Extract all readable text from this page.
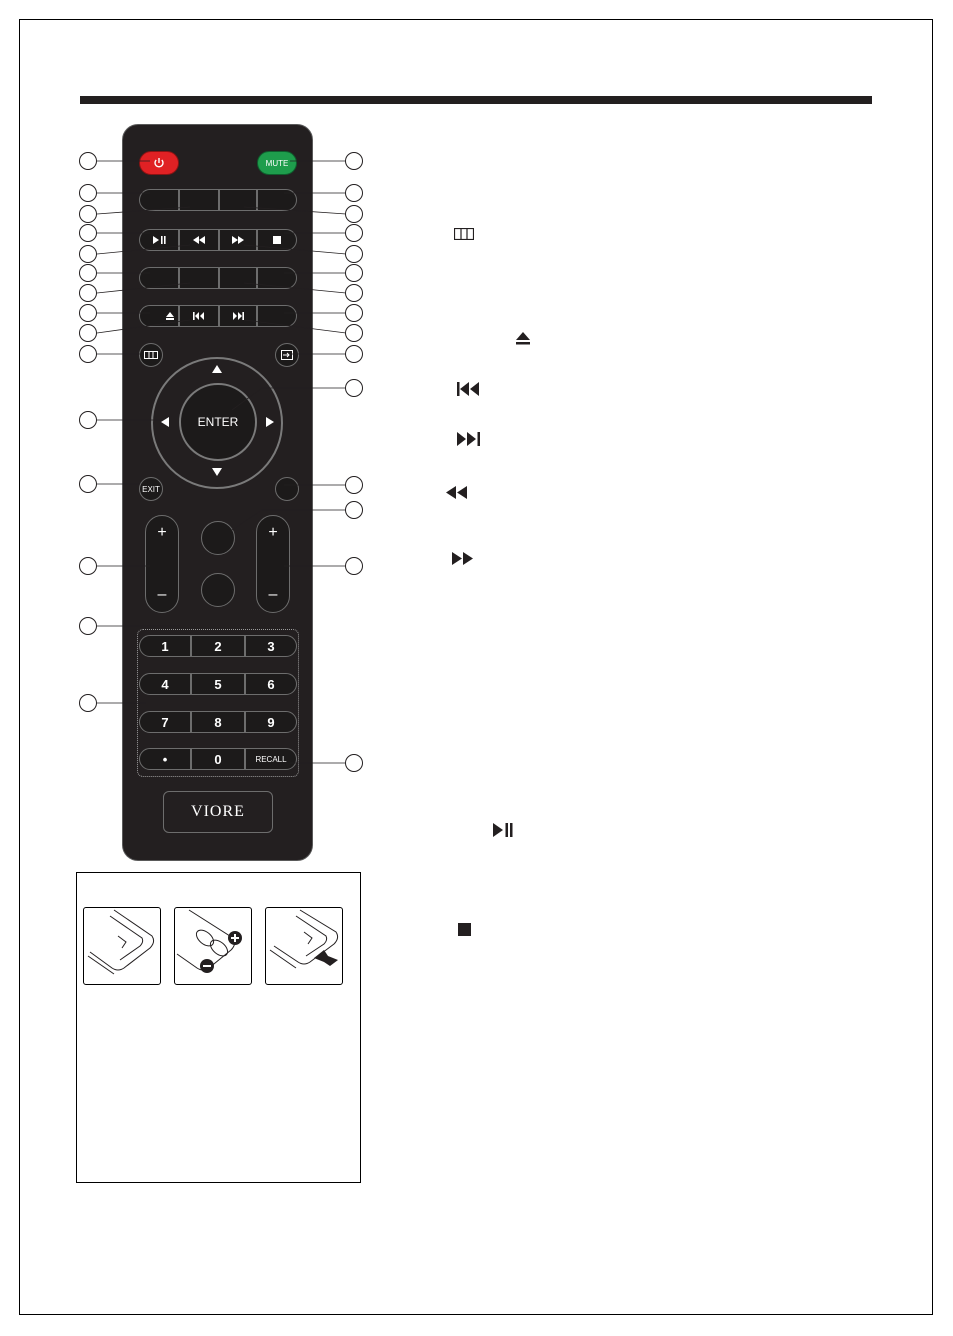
MUTE
ENTER
EXIT
+
–
+
–
1	2	3
4	5	6
7	8	9
•	0	RECALL
VIORE
